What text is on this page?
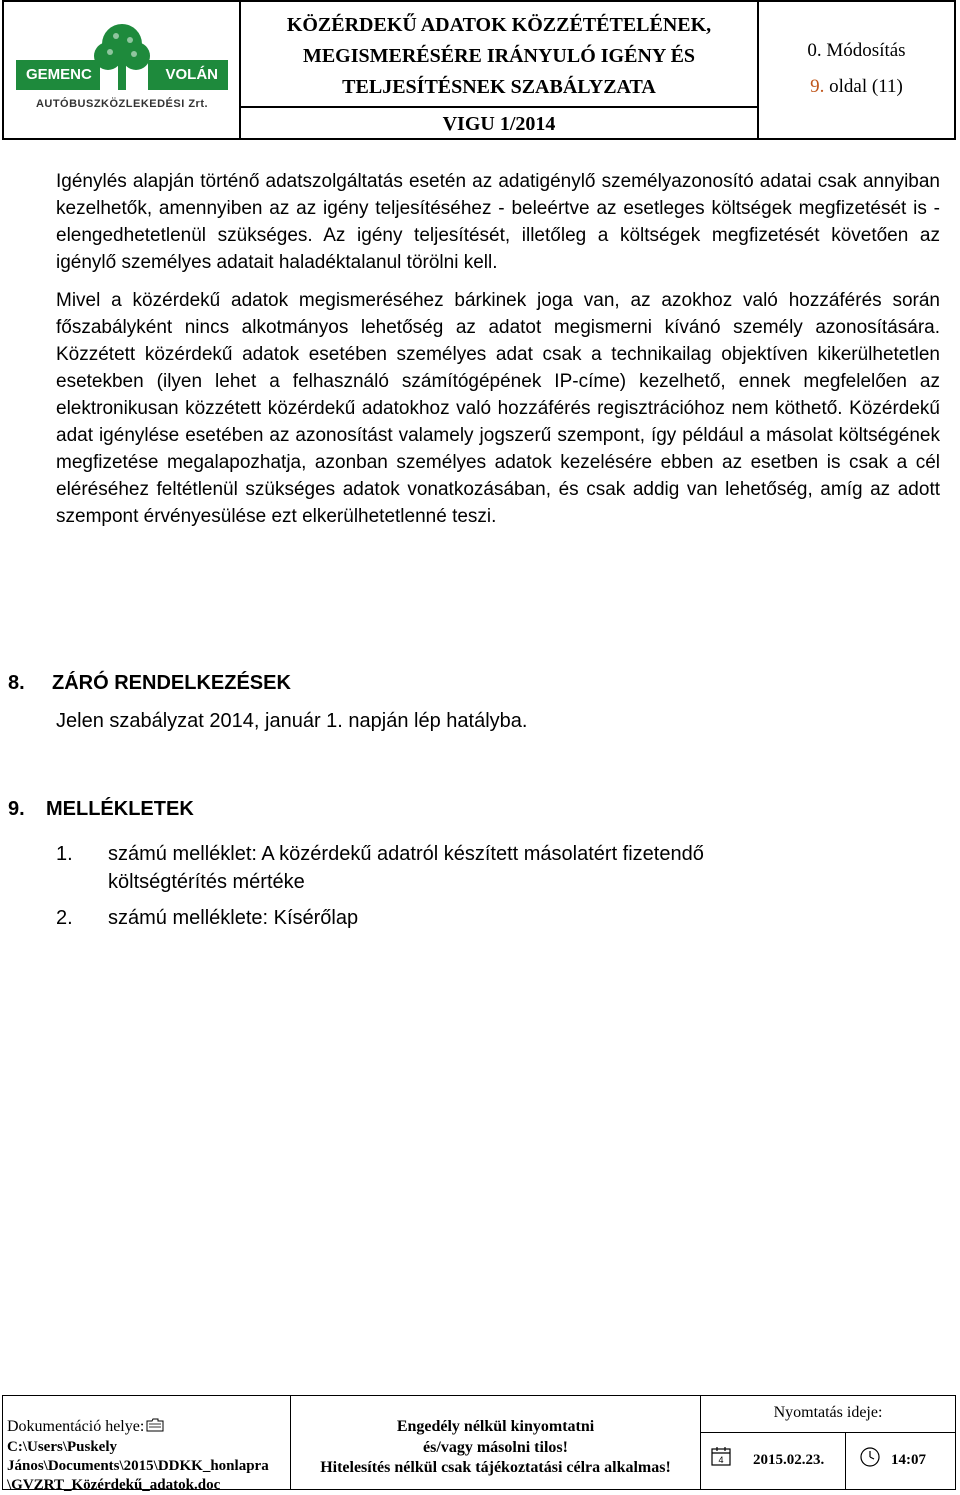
GEMENC	VOLÁN
AUTÓBUSZKÖZLEKEDÉSI Zrt.
KÖZÉRDEKŰ ADATOK KÖZZÉTÉTELÉNEK,
MEGISMERÉSÉRE IRÁNYULÓ IGÉNY ÉS
TELJESÍTÉSNEK SZABÁLYZATA
VIGU 1/2014
0. Módosítás
9. oldal (11)

Igénylés alapján történő adatszolgáltatás esetén az adatigénylő személyazonosító adatai csak annyiban kezelhetők, amennyiben az az igény teljesítéséhez - beleértve az esetleges költségek megfizetését is - elengedhetetlenül szükséges. Az igény teljesítését, illetőleg a költségek megfizetését követően az igénylő személyes adatait haladéktalanul törölni kell.

Mivel a közérdekű adatok megismeréséhez bárkinek joga van, az azokhoz való hozzáférés során főszabályként nincs alkotmányos lehetőség az adatot megismerni kívánó személy azonosítására. Közzétett közérdekű adatok esetében személyes adat csak a technikailag objektíven kikerülhetetlen esetekben (ilyen lehet a felhasználó számítógépének IP-címe) kezelhető, ennek megfelelően az elektronikusan közzétett közérdekű adatokhoz való hozzáférés regisztrációhoz nem köthető. Közérdekű adat igénylése esetében az azonosítást valamely jogszerű szempont, így például a másolat költségének megfizetése megalapozhatja, azonban személyes adatok kezelésére ebben az esetben is csak a cél eléréséhez feltétlenül szükséges adatok vonatkozásában, és csak addig van lehetőség, amíg az adott szempont érvényesülése ezt elkerülhetetlenné teszi.

8. ZÁRÓ RENDELKEZÉSEK
Jelen szabályzat 2014, január 1. napján lép hatályba.
9. MELLÉKLETEK
1. számú melléklet: A közérdekű adatról készített másolatért fizetendő költségtérítés mértéke
2. számú melléklete: Kísérőlap
Dokumentáció helye:
C:\Users\Puskely János\Documents\2015\DDKK_honlapra \GVZRT_Közérdekű_adatok.doc
Engedély nélkül kinyomtatni
és/vagy másolni tilos!
Hitelesítés nélkül csak tájékoztatási célra alkalmas!
Nyomtatás ideje:
4 2015.02.23.	14:07
